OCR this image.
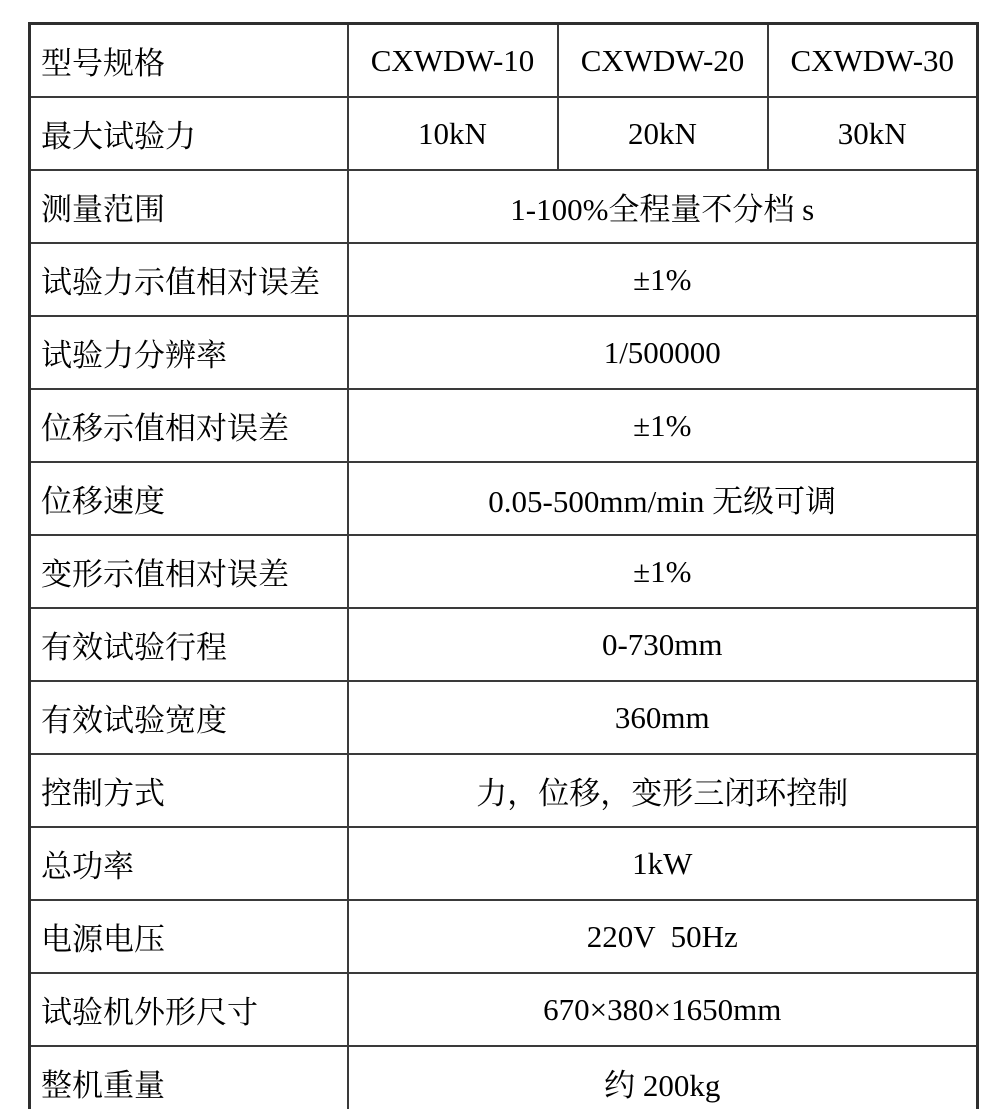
型号规格	CXWDW-10	CXWDW-20	CXWDW-30
最大试验力	10kN	20kN	30kN
测量范围	1-100%全程量不分档 s		
试验力示值相对误差	±1%		
试验力分辨率	1/500000		
位移示值相对误差	±1%		
位移速度	0.05-500mm/min 无级可调		
变形示值相对误差	±1%		
有效试验行程	0-730mm		
有效试验宽度	360mm		
控制方式	力，位移，变形三闭环控制		
总功率	1kW		
电源电压	220V  50Hz		
试验机外形尺寸	670×380×1650mm		
整机重量	约 200kg		
